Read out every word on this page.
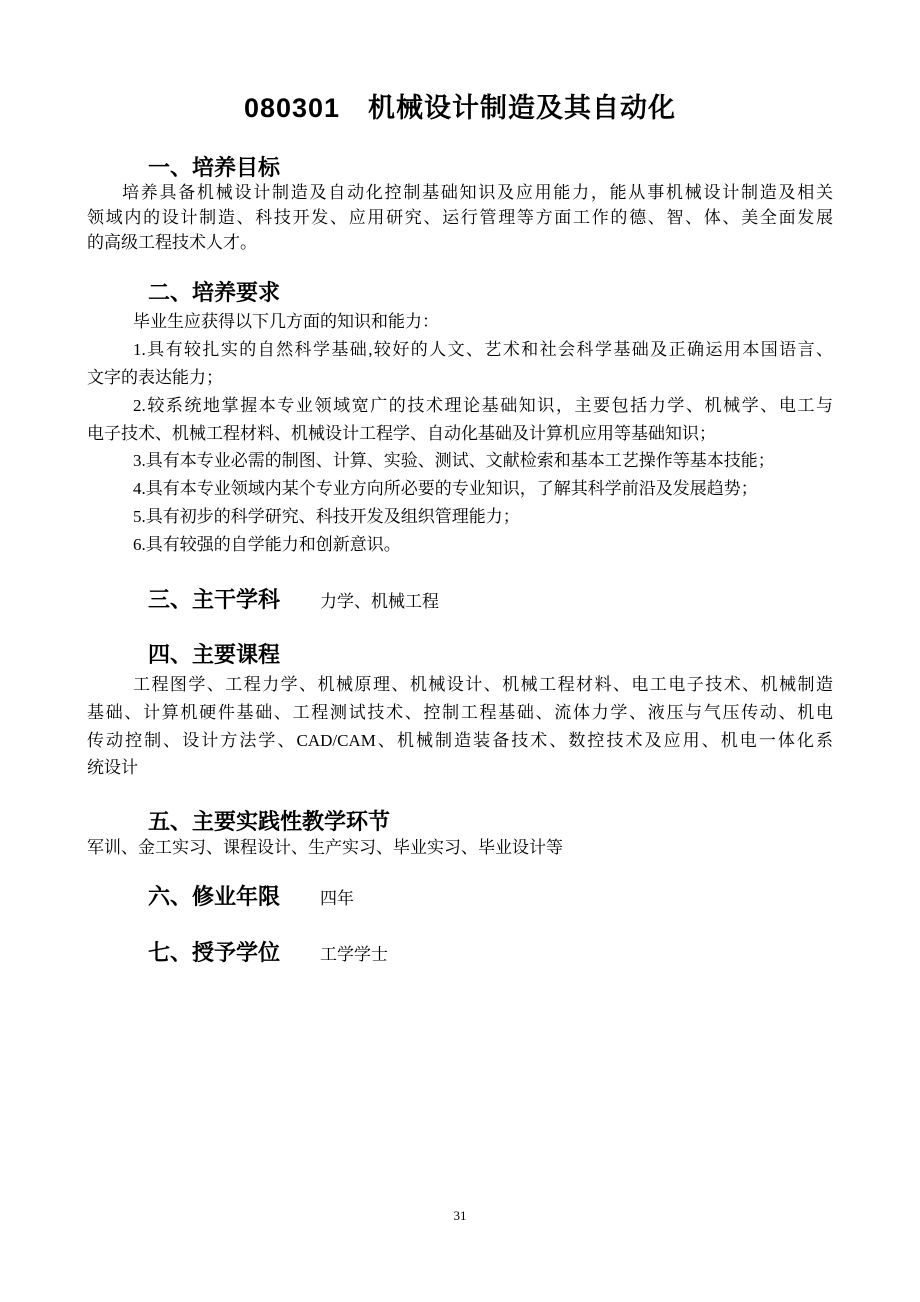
080301 机械设计制造及其自动化
一、培养目标
培养具备机械设计制造及自动化控制基础知识及应用能力，能从事机械设计制造及相关
领域内的设计制造、科技开发、应用研究、运行管理等方面工作的德、智、体、美全面发展
的高级工程技术人才。
二、培养要求
毕业生应获得以下几方面的知识和能力：
1.具有较扎实的自然科学基础,较好的人文、艺术和社会科学基础及正确运用本国语言、
文字的表达能力；
2.较系统地掌握本专业领域宽广的技术理论基础知识，主要包括力学、机械学、电工与
电子技术、机械工程材料、机械设计工程学、自动化基础及计算机应用等基础知识；
3.具有本专业必需的制图、计算、实验、测试、文献检索和基本工艺操作等基本技能；
4.具有本专业领域内某个专业方向所必要的专业知识，了解其科学前沿及发展趋势；
5.具有初步的科学研究、科技开发及组织管理能力；
6.具有较强的自学能力和创新意识。
三、主干学科 力学、机械工程
四、主要课程
工程图学、工程力学、机械原理、机械设计、机械工程材料、电工电子技术、机械制造
基础、计算机硬件基础、工程测试技术、控制工程基础、流体力学、液压与气压传动、机电
传动控制、设计方法学、CAD/CAM、机械制造装备技术、数控技术及应用、机电一体化系
统设计
五、主要实践性教学环节
军训、金工实习、课程设计、生产实习、毕业实习、毕业设计等
六、修业年限 四年
七、授予学位 工学学士
31
